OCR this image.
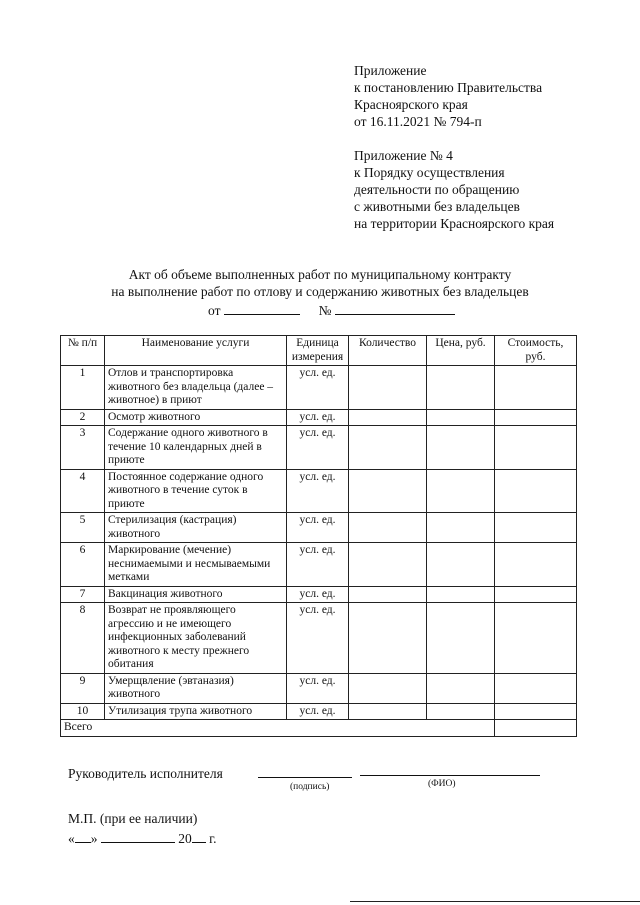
Приложение
к постановлению Правительства
Красноярского края
от 16.11.2021 № 794-п
Приложение № 4
к Порядку осуществления
деятельности по обращению
с животными без владельцев
на территории Красноярского края
Акт об объеме выполненных работ по муниципальному контракту
на выполнение работ по отлову и содержанию животных без владельцев
от	№
№ п/п	Наименование услуги	Единица измерения	Количество	Цена, руб.	Стоимость, руб.
1	Отлов и транспортировка животного без владельца (далее – животное) в приют	усл. ед.			
2	Осмотр животного	усл. ед.			
3	Содержание одного животного в течение 10 календарных дней в приюте	усл. ед.			
4	Постоянное содержание одного животного в течение суток в приюте	усл. ед.			
5	Стерилизация (кастрация) животного	усл. ед.			
6	Маркирование (мечение) неснимаемыми и несмываемыми метками	усл. ед.			
7	Вакцинация животного	усл. ед.			
8	Возврат не проявляющего агрессию и не имеющего инфекционных заболеваний животного к месту прежнего обитания	усл. ед.			
9	Умерщвление (эвтаназия) животного	усл. ед.			
10	Утилизация трупа животного	усл. ед.			
Всего					
Руководитель исполнителя
(подпись)	(ФИО)
М.П. (при ее наличии)
« »	20 г.
